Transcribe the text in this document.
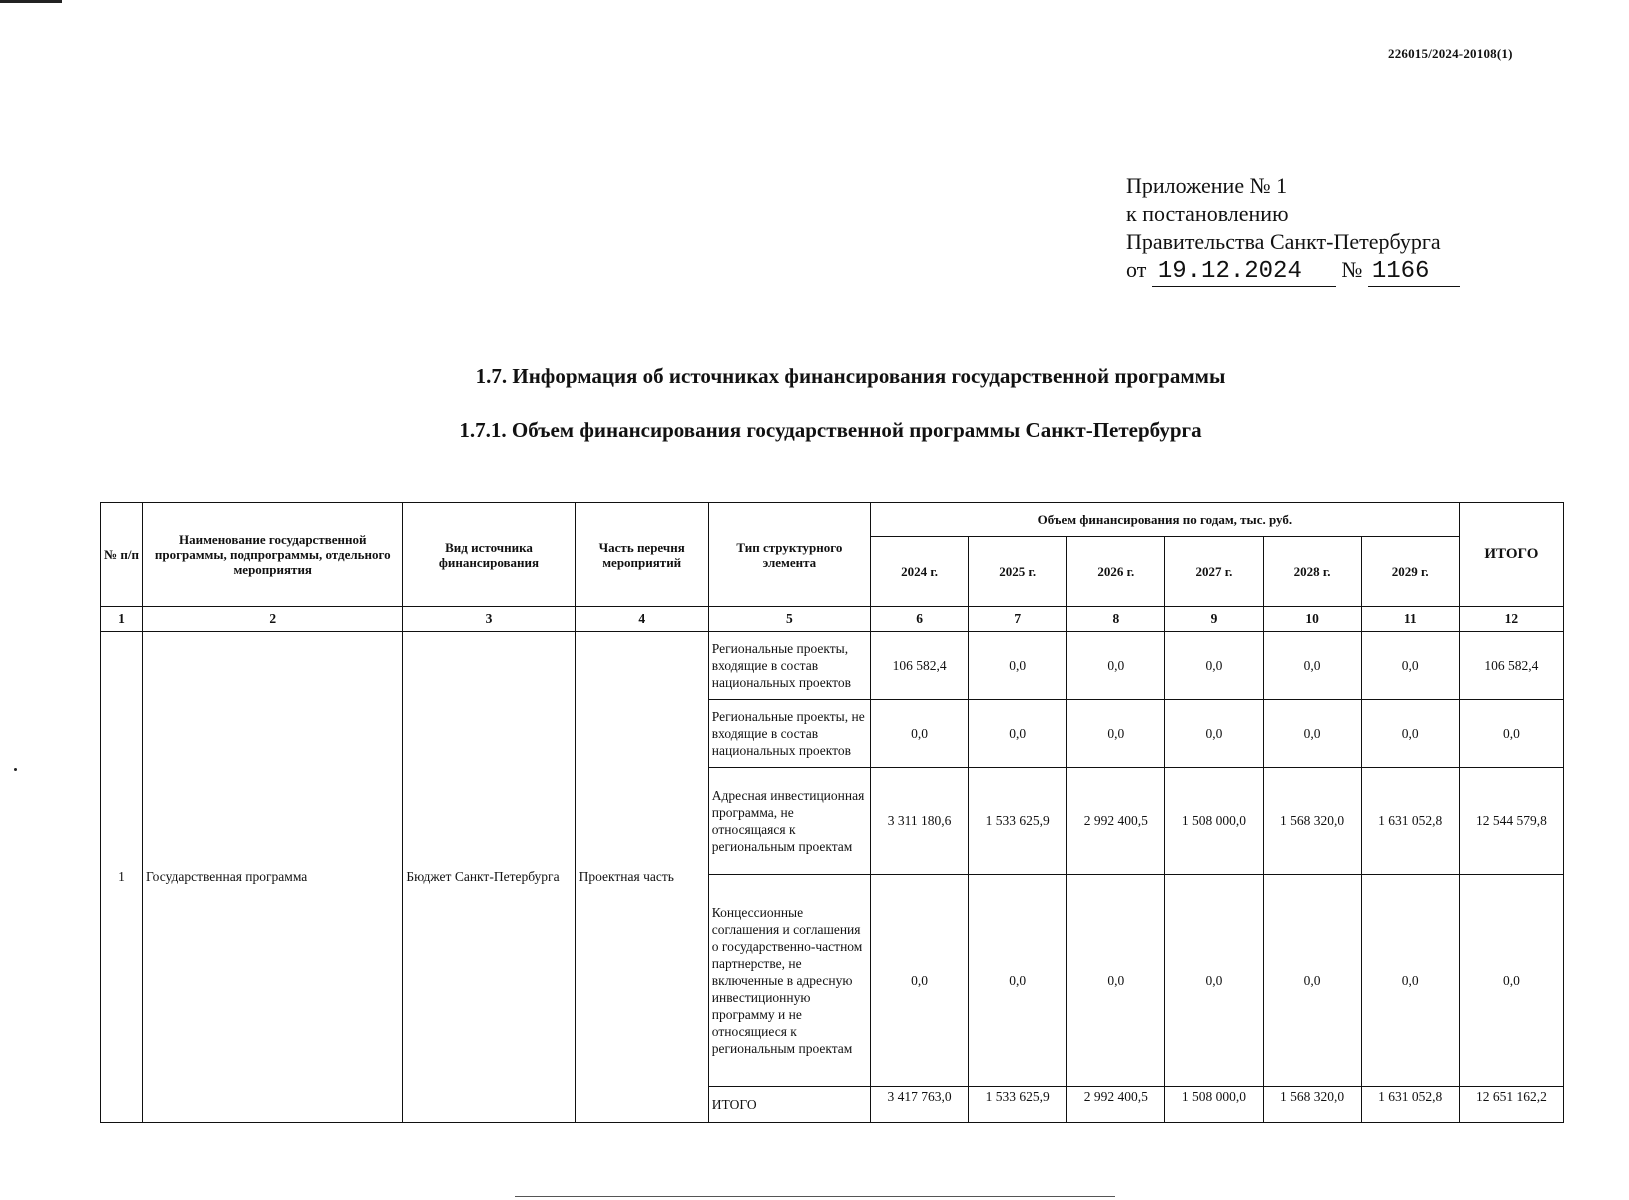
226015/2024-20108(1)
Приложение № 1
к постановлению
Правительства Санкт-Петербурга
от 19.12.2024 № 1166
1.7. Информация об источниках финансирования государственной программы
1.7.1. Объем финансирования государственной программы Санкт-Петербурга
№ п/п	Наименование государственной программы, подпрограммы, отдельного мероприятия	Вид источника финансирования	Часть перечня мероприятий	Тип структурного элемента	Объем финансирования по годам, тыс. руб.						ИТОГО
					2024 г.	2025 г.	2026 г.	2027 г.	2028 г.	2029 г.	
1	2	3	4	5	6	7	8	9	10	11	12
1	Государственная программа	Бюджет Санкт-Петербурга	Проектная часть	Региональные проекты, входящие в состав национальных проектов	106 582,4	0,0	0,0	0,0	0,0	0,0	106 582,4
				Региональные проекты, не входящие в состав национальных проектов	0,0	0,0	0,0	0,0	0,0	0,0	0,0
				Адресная инвестиционная программа, не относящаяся к региональным проектам	3 311 180,6	1 533 625,9	2 992 400,5	1 508 000,0	1 568 320,0	1 631 052,8	12 544 579,8
				Концессионные соглашения и соглашения о государственно-частном партнерстве, не включенные в адресную инвестиционную программу и не относящиеся к региональным проектам	0,0	0,0	0,0	0,0	0,0	0,0	0,0
				ИТОГО	3 417 763,0	1 533 625,9	2 992 400,5	1 508 000,0	1 568 320,0	1 631 052,8	12 651 162,2
